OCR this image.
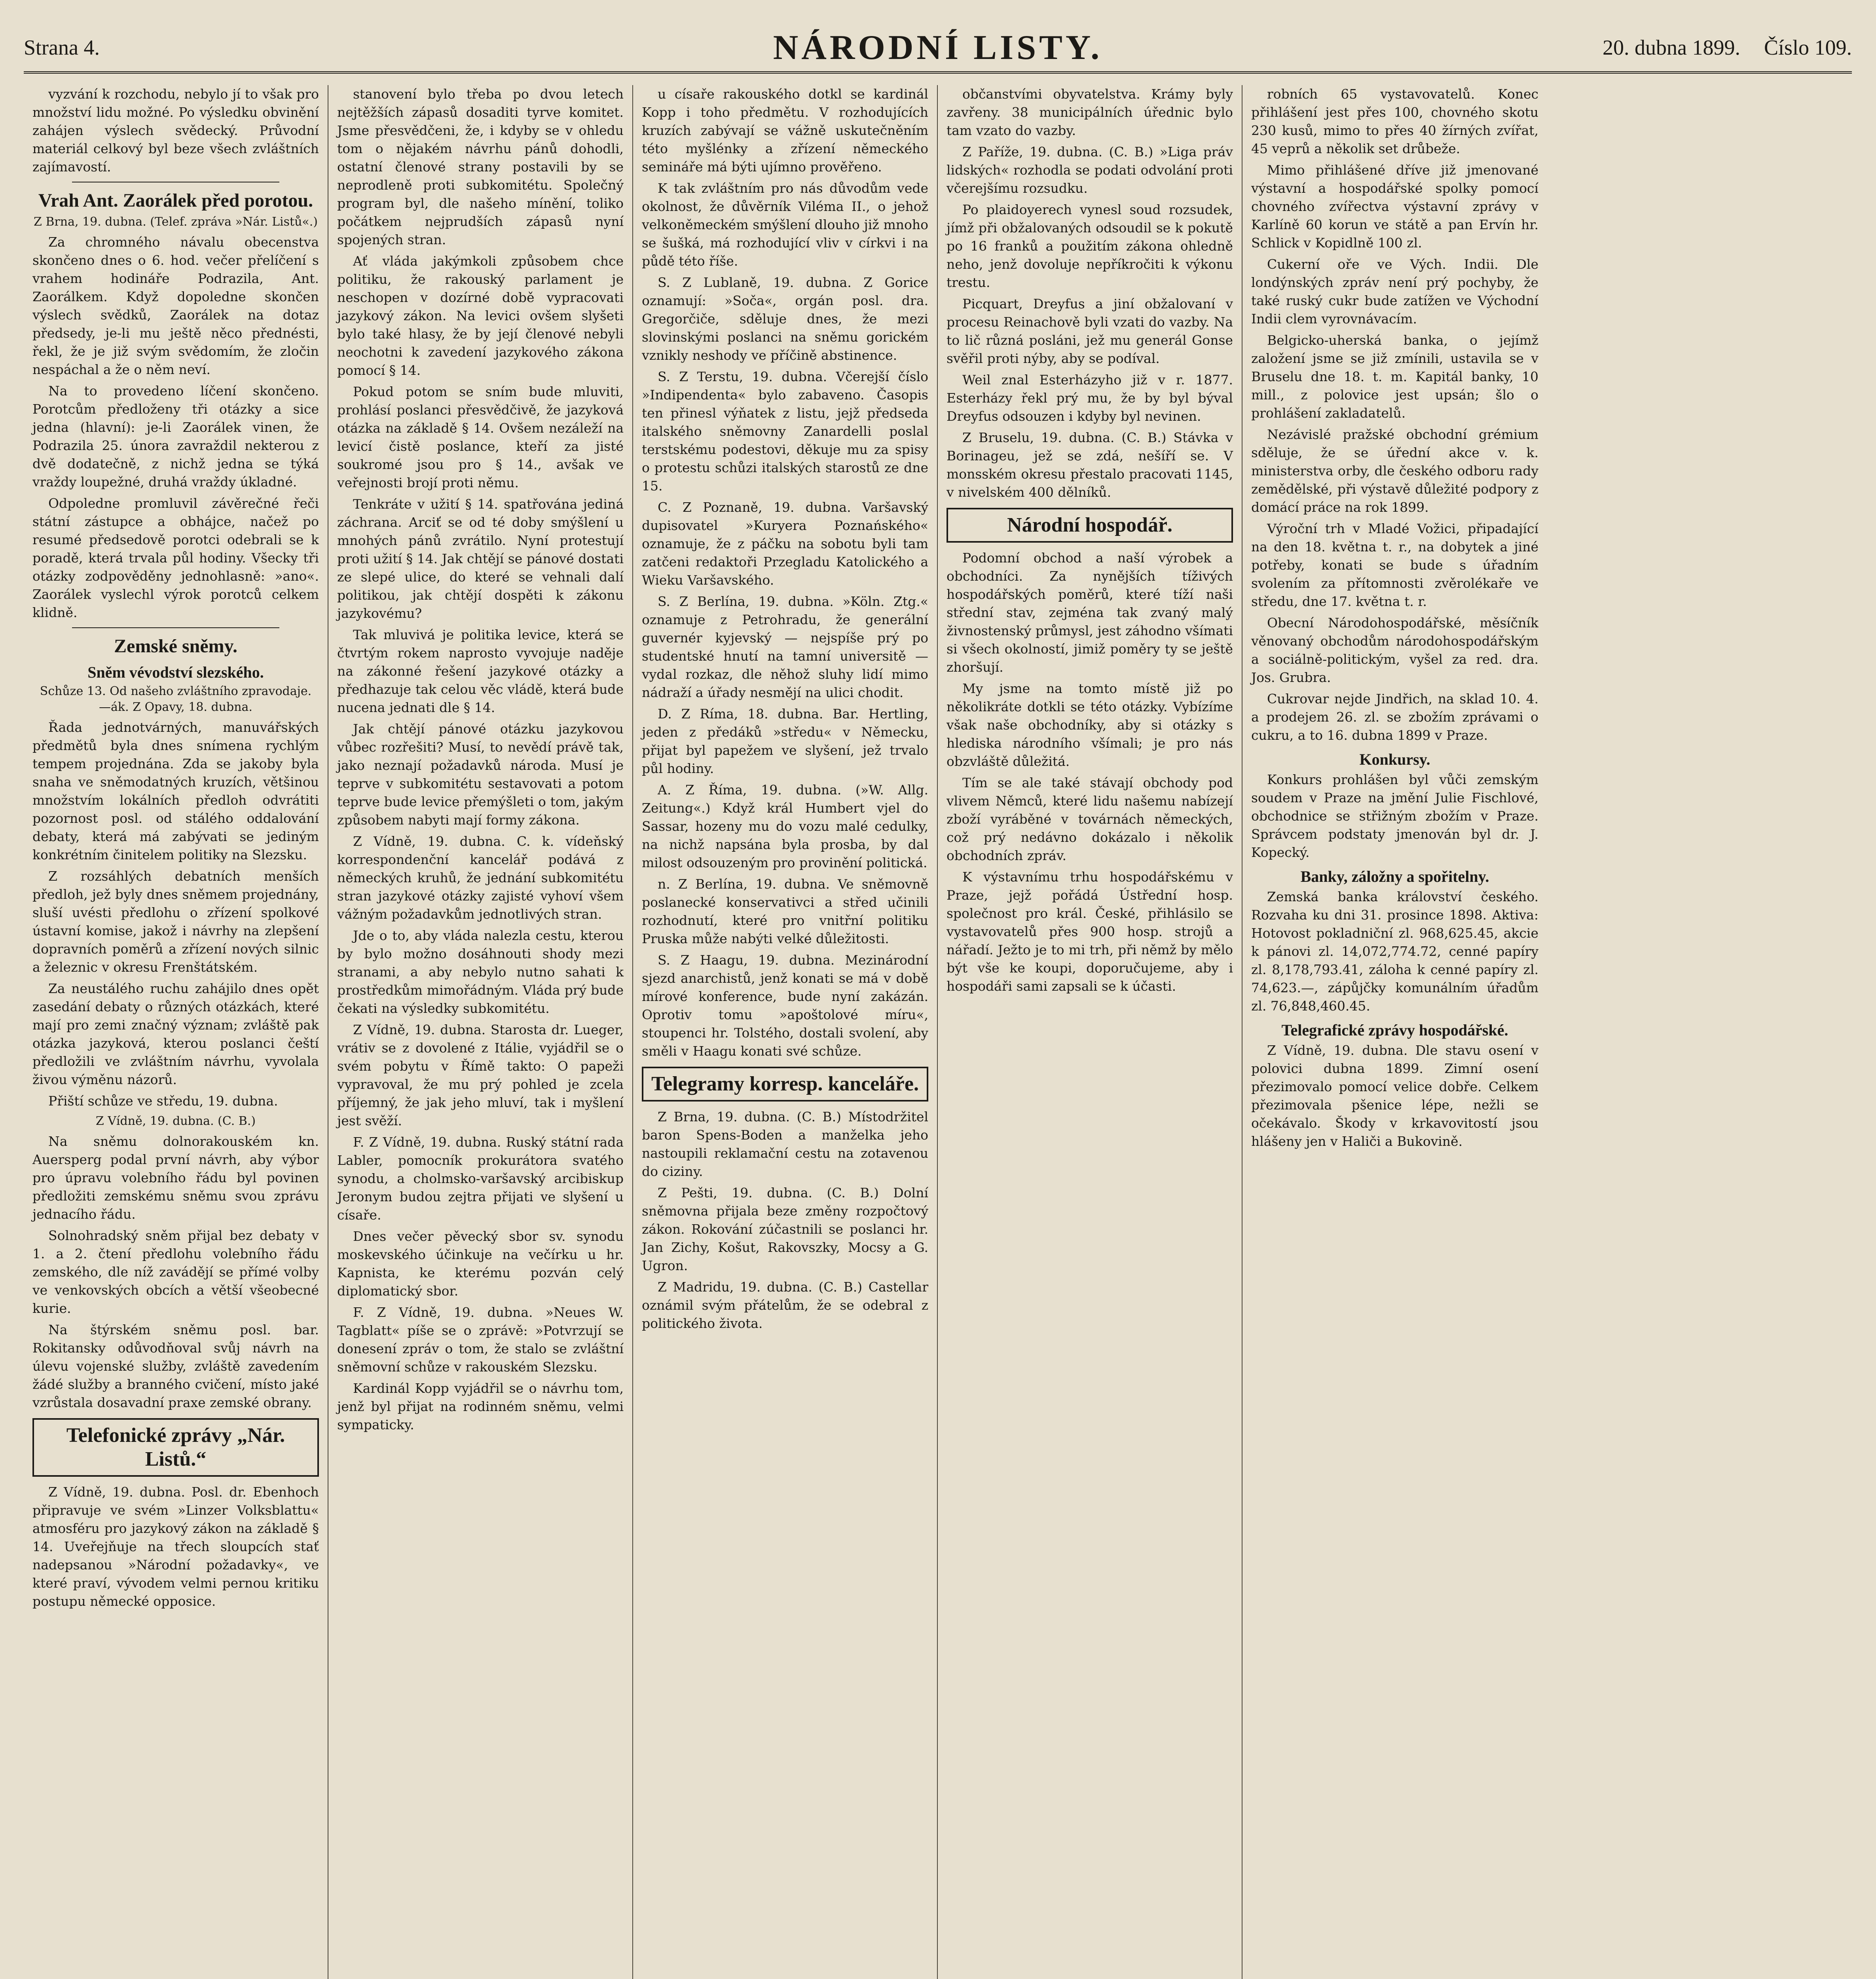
Strana 4.	NÁRODNÍ LISTY.	20. dubna 1899. Číslo 109.

vyzvání k rozchodu, nebylo jí to však pro množství lidu možné. Po výsledku obvinění zahájen výslech svědecký. Průvodní materiál celkový byl beze všech zvláštních zajímavostí.

Vrah Ant. Zaorálek před porotou.
Z Brna, 19. dubna. (Telef. zpráva »Nár. Listů«.)

Za chromného návalu obecenstva skončeno dnes o 6. hod. večer přelíčení s vrahem hodináře Podrazila, Ant. Zaorálkem. Když dopoledne skončen výslech svědků, Zaorálek na dotaz předsedy, je-li mu ještě něco přednésti, řekl, že je již svým svědomím, že zločin nespáchal a že o něm neví.

Na to provedeno líčení skončeno. Porotcům předloženy tři otázky a sice jedna (hlavní): je-li Zaorálek vinen, že Podrazila 25. února zavraždil nekterou z dvě dodatečně, z nichž jedna se týká vraždy loupežné, druhá vraždy úkladné.

Odpoledne promluvil závěrečné řeči státní zástupce a obhájce, načež po resumé předsedově porotci odebrali se k poradě, která trvala půl hodiny. Všecky tři otázky zodpověděny jednohlasně: »ano«. Zaorálek vyslechl výrok porotců celkem klidně.

Zemské sněmy.
Sněm vévodství slezského.
Schůze 13. Od našeho zvláštního zpravodaje. —ák. Z Opavy, 18. dubna.

Řada jednotvárných, manuvářských předmětů byla dnes snímena rychlým tempem projednána. Zda se jakoby byla snaha ve sněmodatných kruzích, většinou množstvím lokálních předloh odvrátiti pozornost posl. od stálého oddalování debaty, která má zabývati se jediným konkrétním činitelem politiky na Slezsku.

Z rozsáhlých debatních menších předloh, jež byly dnes sněmem projednány, sluší uvésti předlohu o zřízení spolkové ústavní komise, jakož i návrhy na zlepšení dopravních poměrů a zřízení nových silnic a železnic v okresu Frenštátském.

Za neustálého ruchu zahájilo dnes opět zasedání debaty o různých otázkách, které mají pro zemi značný význam; zvláště pak otázka jazyková, kterou poslanci čeští předložili ve zvláštním návrhu, vyvolala živou výměnu názorů.

Přiští schůze ve středu, 19. dubna.

Z Vídně, 19. dubna. (C. B.)

Na sněmu dolnorakouském kn. Auersperg podal první návrh, aby výbor pro úpravu volebního řádu byl povinen předložiti zemskému sněmu svou zprávu jednacího řádu.

Solnohradský sněm přijal bez debaty v 1. a 2. čtení předlohu volebního řádu zemského, dle níž zavádějí se přímé volby ve venkovských obcích a větší všeobecné kurie.

Na štýrském sněmu posl. bar. Rokitansky odůvodňoval svůj návrh na úlevu vojenské služby, zvláště zavedením žádé služby a branného cvičení, místo jaké vzrůstala dosavadní praxe zemské obrany.

Telefonické zprávy „Nár. Listů.“

Z Vídně, 19. dubna. Posl. dr. Ebenhoch připravuje ve svém »Linzer Volksblattu« atmosféru pro jazykový zákon na základě § 14. Uveřejňuje na třech sloupcích stať nadepsanou »Národní požadavky«, ve které praví, vývodem velmi pernou kritiku postupu německé opposice.

stanovení bylo třeba po dvou letech nejtěžších zápasů dosaditi tyrve komitet. Jsme přesvědčeni, že, i kdyby se v ohledu tom o nějakém návrhu pánů dohodli, ostatní členové strany postavili by se neprodleně proti subkomitétu. Společný program byl, dle našeho mínění, toliko počátkem nejprudších zápasů nyní spojených stran.

Ať vláda jakýmkoli způsobem chce politiku, že rakouský parlament je neschopen v dozírné době vypracovati jazykový zákon. Na levici ovšem slyšeti bylo také hlasy, že by její členové nebyli neochotni k zavedení jazykového zákona pomocí § 14.

Pokud potom se sním bude mluviti, prohlásí poslanci přesvědčivě, že jazyková otázka na základě § 14. Ovšem nezáleží na levicí čistě poslance, kteří za jisté soukromé jsou pro § 14., avšak ve veřejnosti brojí proti němu.

Tenkráte v užití § 14. spatřována jediná záchrana. Arciť se od té doby smýšlení u mnohých pánů zvrátilo. Nyní protestují proti užití § 14. Jak chtějí se pánové dostati ze slepé ulice, do které se vehnali dalí politikou, jak chtějí dospěti k zákonu jazykovému?

Tak mluvivá je politika levice, která se čtvrtým rokem naprosto vyvojuje naděje na zákonné řešení jazykové otázky a předhazuje tak celou věc vládě, která bude nucena jednati dle § 14.

Jak chtějí pánové otázku jazykovou vůbec rozřešiti? Musí, to nevědí právě tak, jako neznají požadavků národa. Musí je teprve v subkomitétu sestavovati a potom teprve bude levice přemýšleti o tom, jakým způsobem nabyti mají formy zákona.

Z Vídně, 19. dubna. C. k. vídeňský korrespondenční kancelář podává z německých kruhů, že jednání subkomitétu stran jazykové otázky zajisté vyhoví všem vážným požadavkům jednotlivých stran.

Jde o to, aby vláda nalezla cestu, kterou by bylo možno dosáhnouti shody mezi stranami, a aby nebylo nutno sahati k prostředkům mimořádným. Vláda prý bude čekati na výsledky subkomitétu.

Z Vídně, 19. dubna. Starosta dr. Lueger, vrátiv se z dovolené z Itálie, vyjádřil se o svém pobytu v Římě takto: O papeži vypravoval, že mu prý pohled je zcela příjemný, že jak jeho mluví, tak i myšlení jest svěží.

F. Z Vídně, 19. dubna. Ruský státní rada Labler, pomocník prokurátora svatého synodu, a cholmsko-varšavský arcibiskup Jeronym budou zejtra přijati ve slyšení u císaře.

Dnes večer pěvecký sbor sv. synodu moskevského účinkuje na večírku u hr. Kapnista, ke kterému pozván celý diplomatický sbor.

F. Z Vídně, 19. dubna. »Neues W. Tagblatt« píše se o zprávě: »Potvrzují se donesení zpráv o tom, že stalo se zvláštní sněmovní schůze v rakouském Slezsku.

Kardinál Kopp vyjádřil se o návrhu tom, jenž byl přijat na rodinném sněmu, velmi sympaticky.

u císaře rakouského dotkl se kardinál Kopp i toho předmětu. V rozhodujících kruzích zabývají se vážně uskutečněním této myšlénky a zřízení německého semináře má býti ujímno prověřeno.

K tak zvláštním pro nás důvodům vede okolnost, že důvěrník Viléma II., o jehož velkoněmeckém smýšlení dlouho již mnoho se šušká, má rozhodující vliv v církvi i na půdě této říše.

S. Z Lublaně, 19. dubna. Z Gorice oznamují: »Soča«, orgán posl. dra. Gregorčiče, sděluje dnes, že mezi slovinskými poslanci na sněmu gorickém vznikly neshody ve příčině abstinence.

S. Z Terstu, 19. dubna. Včerejší číslo »Indipendenta« bylo zabaveno. Časopis ten přinesl výňatek z listu, jejž předseda italského sněmovny Zanardelli poslal terstskému podestovi, děkuje mu za spisy o protestu schůzi italských starostů ze dne 15.

C. Z Poznaně, 19. dubna. Varšavský dupisovatel »Kuryera Poznańského« oznamuje, že z páčku na sobotu byli tam zatčeni redaktoři Przegladu Katolického a Wieku Varšavského.

S. Z Berlína, 19. dubna. »Köln. Ztg.« oznamuje z Petrohradu, že generální guvernér kyjevský — nejspíše prý po studentské hnutí na tamní universitě — vydal rozkaz, dle něhož sluhy lidí mimo nádraží a úřady nesmějí na ulici chodit.

D. Z Ríma, 18. dubna. Bar. Hertling, jeden z předáků »středu« v Německu, přijat byl papežem ve slyšení, jež trvalo půl hodiny.

A. Z Říma, 19. dubna. (»W. Allg. Zeitung«.) Když král Humbert vjel do Sassar, hozeny mu do vozu malé cedulky, na nichž napsána byla prosba, by dal milost odsouzeným pro provinění politická.

n. Z Berlína, 19. dubna. Ve sněmovně poslanecké konservativci a střed učinili rozhodnutí, které pro vnitřní politiku Pruska může nabýti velké důležitosti.

S. Z Haagu, 19. dubna. Mezinárodní sjezd anarchistů, jenž konati se má v době mírové konference, bude nyní zakázán. Oprotiv tomu »apoštolové míru«, stoupenci hr. Tolstého, dostali svolení, aby směli v Haagu konati své schůze.

Telegramy korresp. kanceláře.

Z Brna, 19. dubna. (C. B.) Místodržitel baron Spens-Boden a manželka jeho nastoupili reklamační cestu na zotavenou do ciziny.

Z Pešti, 19. dubna. (C. B.) Dolní sněmovna přijala beze změny rozpočtový zákon. Rokování zúčastnili se poslanci hr. Jan Zichy, Košut, Rakovszky, Mocsy a G. Ugron.

Z Madridu, 19. dubna. (C. B.) Castellar oznámil svým přátelům, že se odebral z politického života.

občanstvími obyvatelstva. Krámy byly zavřeny. 38 municipálních úřednic bylo tam vzato do vazby.

Z Paříže, 19. dubna. (C. B.) »Liga práv lidských« rozhodla se podati odvolání proti včerejšímu rozsudku.

Po plaidoyerech vynesl soud rozsudek, jímž při obžalovaných odsoudil se k pokutě po 16 franků a použitím zákona ohledně neho, jenž dovoluje nepříkročiti k výkonu trestu.

Picquart, Dreyfus a jiní obžalovaní v procesu Reinachově byli vzati do vazby. Na to lič různá posláni, jež mu generál Gonse svěřil proti nýby, aby se podíval.

Weil znal Esterházyho již v r. 1877. Esterházy řekl prý mu, že by byl býval Dreyfus odsouzen i kdyby byl nevinen.

Z Bruselu, 19. dubna. (C. B.) Stávka v Borinageu, jež se zdá, nešíří se. V monsském okresu přestalo pracovati 1145, v nivelském 400 dělníků.

Národní hospodář.

Podomní obchod a naší výrobek a obchodníci. Za nynějších tíživých hospodářských poměrů, které tíží naši střední stav, zejména tak zvaný malý živnostenský průmysl, jest záhodno všímati si všech okolností, jimiž poměry ty se ještě zhoršují.

My jsme na tomto místě již po několikráte dotkli se této otázky. Vybízíme však naše obchodníky, aby si otázky s hlediska národního všímali; je pro nás obzvláště důležitá.

Tím se ale také stávají obchody pod vlivem Němců, které lidu našemu nabízejí zboží vyráběné v továrnách německých, což prý nedávno dokázalo i několik obchodních zpráv.

K výstavnímu trhu hospodářskému v Praze, jejž pořádá Ústřední hosp. společnost pro král. České, přihlásilo se vystavovatelů přes 900 hosp. strojů a nářadí. Ježto je to mi trh, při němž by mělo být vše ke koupi, doporučujeme, aby i hospodáři sami zapsali se k účasti.

robních 65 vystavovatelů. Konec přihlášení jest přes 100, chovného skotu 230 kusů, mimo to přes 40 žírných zvířat, 45 veprů a několik set drůbeže.

Mimo přihlášené dříve již jmenované výstavní a hospodářské spolky pomocí chovného zvířectva výstavní zprávy v Karlíně 60 korun ve státě a pan Ervín hr. Schlick v Kopidlně 100 zl.

Cukerní oře ve Vých. Indii. Dle londýnských zpráv není prý pochyby, že také ruský cukr bude zatížen ve Východní Indii clem vyrovnávacím.

Belgicko-uherská banka, o jejímž založení jsme se již zmínili, ustavila se v Bruselu dne 18. t. m. Kapitál banky, 10 mill., z polovice jest upsán; šlo o prohlášení zakladatelů.

Nezávislé pražské obchodní grémium sděluje, že se úřední akce v. k. ministerstva orby, dle českého odboru rady zemědělské, při výstavě důležité podpory z domácí práce na rok 1899.

Výroční trh v Mladé Vožici, připadající na den 18. května t. r., na dobytek a jiné potřeby, konati se bude s úřadním svolením za přítomnosti zvěrolékaře ve středu, dne 17. května t. r.

Obecní Národohospodářské, měsíčník věnovaný obchodům národohospodářským a sociálně-politickým, vyšel za red. dra. Jos. Grubra.

Cukrovar nejde Jindřich, na sklad 10. 4. a prodejem 26. zl. se zbožím zprávami o cukru, a to 16. dubna 1899 v Praze.

Konkursy.

Konkurs prohlášen byl vůči zemským soudem v Praze na jmění Julie Fischlové, obchodnice se střižným zbožím v Praze. Správcem podstaty jmenován byl dr. J. Kopecký.

Banky, záložny a spořitelny.

Zemská banka království českého. Rozvaha ku dni 31. prosince 1898. Aktiva: Hotovost pokladniční zl. 968,625.45, akcie k pánovi zl. 14,072,774.72, cenné papíry zl. 8,178,793.41, záloha k cenné papíry zl. 74,623.—, zápůjčky komunálním úřadům zl. 76,848,460.45.

Telegrafické zprávy hospodářské.

Z Vídně, 19. dubna. Dle stavu osení v polovici dubna 1899. Zimní osení přezimovalo pomocí velice dobře. Celkem přezimovala pšenice lépe, nežli se očekávalo. Škody v krkavovitostí jsou hlášeny jen v Haliči a Bukovině.
